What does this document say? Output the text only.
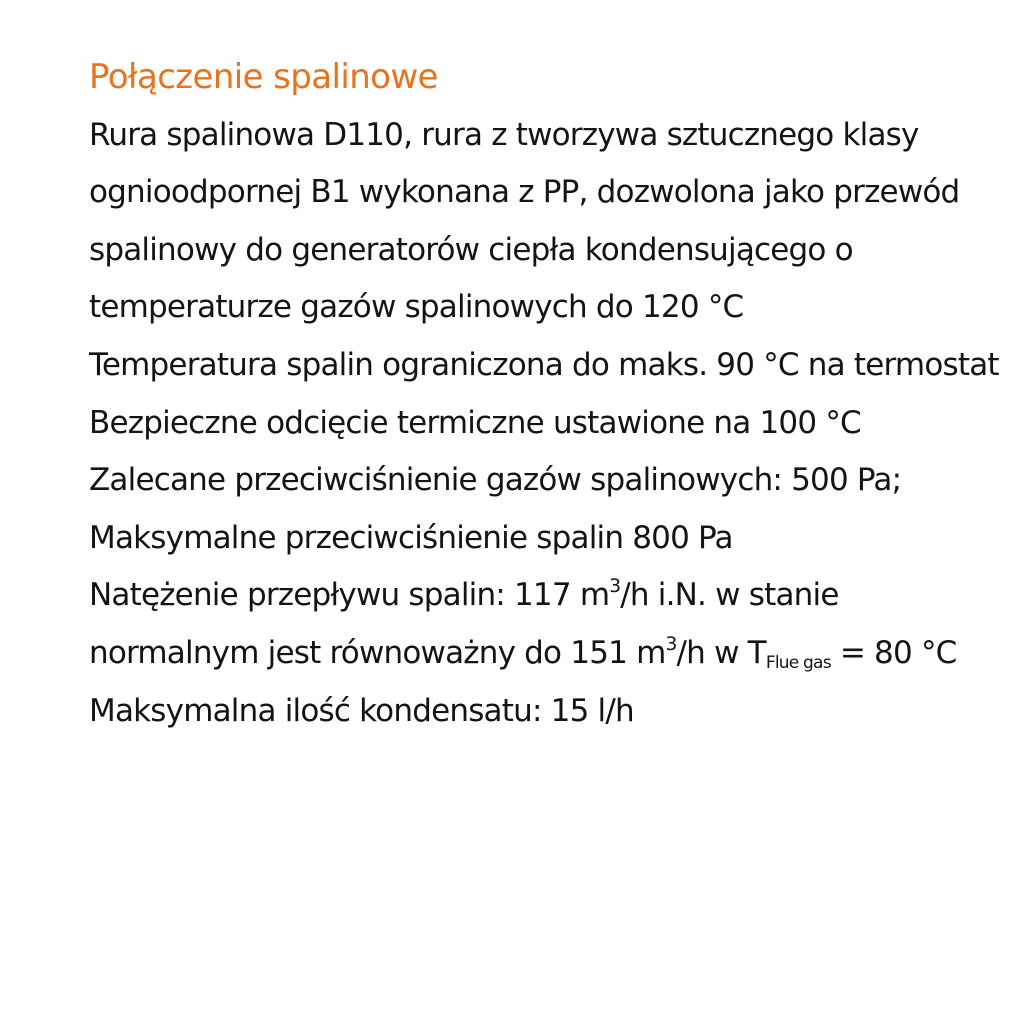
Połączenie spalinowe

Rura spalinowa D110, rura z tworzywa sztucznego klasy ognioodpornej B1 wykonana z PP, dozwolona jako przewód spalinowy do generatorów ciepła kondensującego o temperaturze gazów spalinowych do 120 °C

Temperatura spalin ograniczona do maks. 90 °C na termostat

Bezpieczne odcięcie termiczne ustawione na 100 °C

Zalecane przeciwciśnienie gazów spalinowych: 500 Pa; Maksymalne przeciwciśnienie spalin 800 Pa

Natężenie przepływu spalin: 117 $m^3/h$ i.N. w stanie normalnym jest równoważny do 151 $m^3/h$ w $T_{Flue gas} = 80$ °C

Maksymalna ilość kondensatu: 15 l/h
